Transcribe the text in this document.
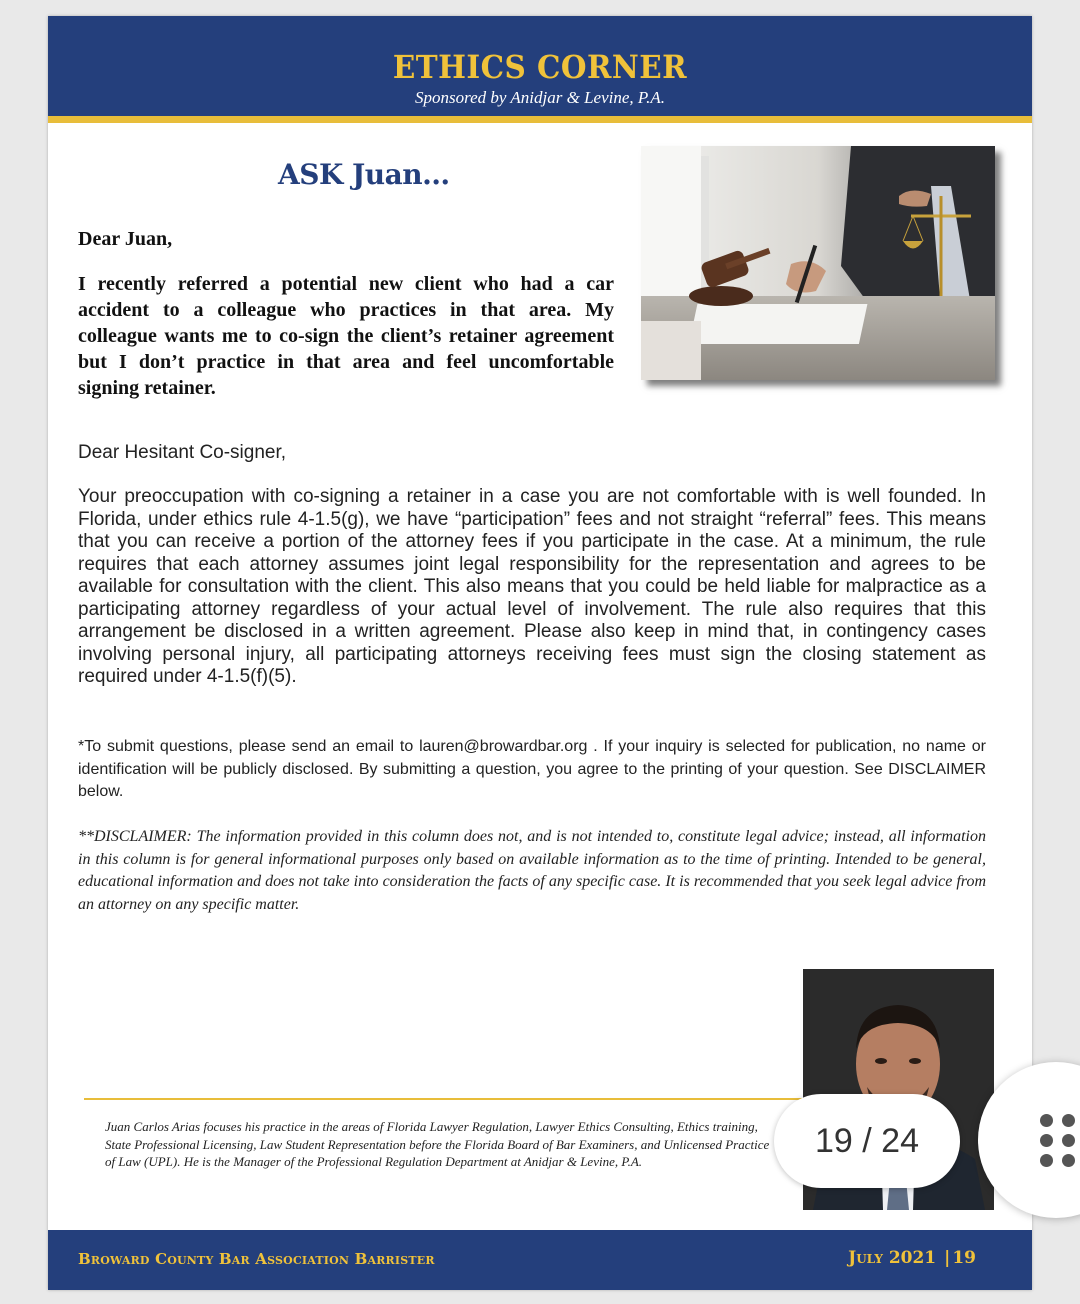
ETHICS CORNER
Sponsored by Anidjar & Levine, P.A.
ASK Juan…
Dear Juan,
I recently referred a potential new client who had a car accident to a colleague who practices in that area. My colleague wants me to co-sign the client’s retainer agreement but I don’t practice in that area and feel uncomfortable signing retainer.
Dear Hesitant Co-signer,
Your preoccupation with co-signing a retainer in a case you are not comfortable with is well founded. In Florida, under ethics rule 4-1.5(g), we have “participation” fees and not straight “referral” fees. This means that you can receive a portion of the attorney fees if you participate in the case. At a minimum, the rule requires that each attorney assumes joint legal responsibility for the representation and agrees to be available for consultation with the client. This also means that you could be held liable for malpractice as a participating attorney regardless of your actual level of involvement. The rule also requires that this arrangement be disclosed in a written agreement. Please also keep in mind that, in contingency cases involving personal injury, all participating attorneys receiving fees must sign the closing statement as required under 4-1.5(f)(5).
*To submit questions, please send an email to lauren@browardbar.org . If your inquiry is selected for publication, no name or identification will be publicly disclosed. By submitting a question, you agree to the printing of your question. See DISCLAIMER below.
**DISCLAIMER: The information provided in this column does not, and is not intended to, constitute legal advice; instead, all information in this column is for general informational purposes only based on available information as to the time of printing. Intended to be general, educational information and does not take into consideration the facts of any specific case. It is recommended that you seek legal advice from an attorney on any specific matter.
Juan Carlos Arias focuses his practice in the areas of Florida Lawyer Regulation, Lawyer Ethics Consulting, Ethics training, State Professional Licensing, Law Student Representation before the Florida Board of Bar Examiners, and Unlicensed Practice of Law (UPL). He is the Manager of the Professional Regulation Department at Anidjar & Levine, P.A.
Broward County Bar Association Barrister	July 2021 | 19
19 / 24
